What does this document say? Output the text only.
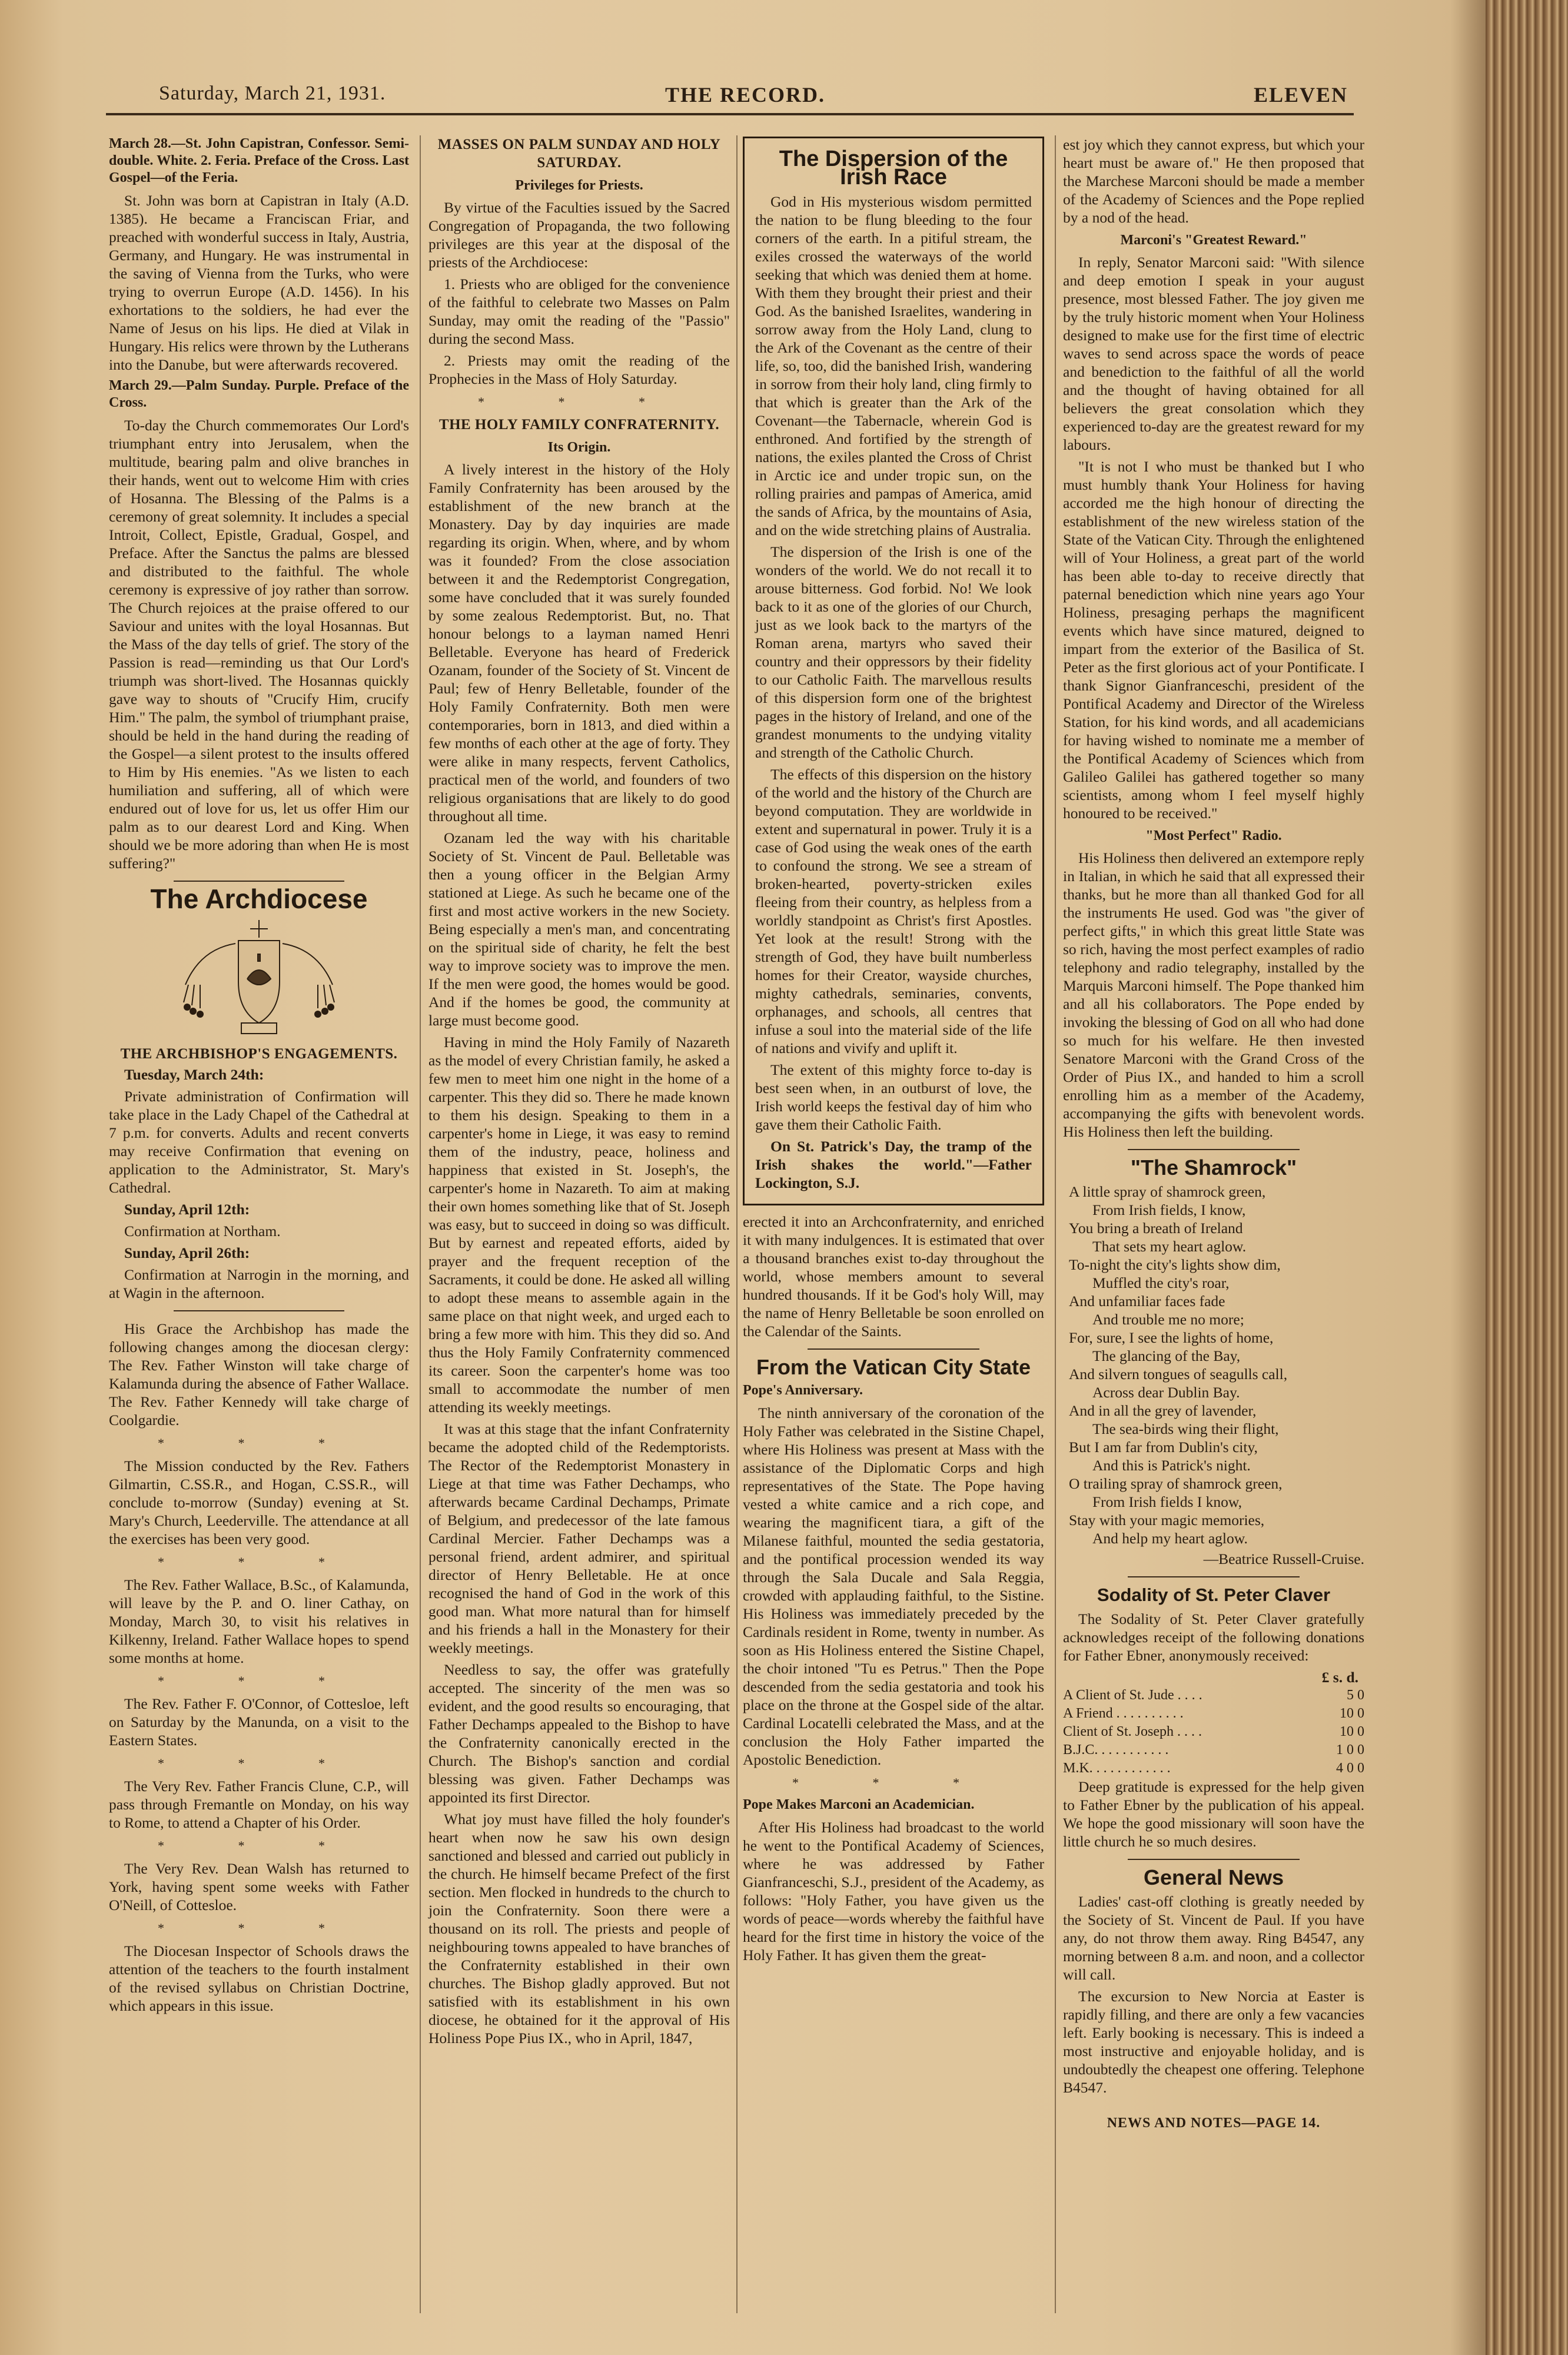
Saturday, March 21, 1931.	THE RECORD.	ELEVEN

March 28.—St. John Capistran, Confessor. Semi-double. White. 2. Feria. Preface of the Cross. Last Gospel—of the Feria.

St. John was born at Capistran in Italy (A.D. 1385). He became a Franciscan Friar, and preached with wonderful success in Italy, Austria, Germany, and Hungary. He was instrumental in the saving of Vienna from the Turks, who were trying to overrun Europe (A.D. 1456). In his exhortations to the soldiers, he had ever the Name of Jesus on his lips. He died at Vilak in Hungary. His relics were thrown by the Lutherans into the Danube, but were afterwards recovered.

March 29.—Palm Sunday. Purple. Preface of the Cross.

To-day the Church commemorates Our Lord's triumphant entry into Jerusalem, when the multitude, bearing palm and olive branches in their hands, went out to welcome Him with cries of Hosanna. The Blessing of the Palms is a ceremony of great solemnity. It includes a special Introit, Collect, Epistle, Gradual, Gospel, and Preface. After the Sanctus the palms are blessed and distributed to the faithful. The whole ceremony is expressive of joy rather than sorrow. The Church rejoices at the praise offered to our Saviour and unites with the loyal Hosannas. But the Mass of the day tells of grief. The story of the Passion is read—reminding us that Our Lord's triumph was short-lived. The Hosannas quickly gave way to shouts of "Crucify Him, crucify Him." The palm, the symbol of triumphant praise, should be held in the hand during the reading of the Gospel—a silent protest to the insults offered to Him by His enemies. "As we listen to each humiliation and suffering, all of which were endured out of love for us, let us offer Him our palm as to our dearest Lord and King. When should we be more adoring than when He is most suffering?"

The Archdiocese
THE ARCHBISHOP'S ENGAGEMENTS.

Tuesday, March 24th:

Private administration of Confirmation will take place in the Lady Chapel of the Cathedral at 7 p.m. for converts. Adults and recent converts may receive Confirmation that evening on application to the Administrator, St. Mary's Cathedral.

Sunday, April 12th:

Confirmation at Northam.

Sunday, April 26th:

Confirmation at Narrogin in the morning, and at Wagin in the afternoon.

His Grace the Archbishop has made the following changes among the diocesan clergy: The Rev. Father Winston will take charge of Kalamunda during the absence of Father Wallace. The Rev. Father Kennedy will take charge of Coolgardie.

* * *

The Mission conducted by the Rev. Fathers Gilmartin, C.SS.R., and Hogan, C.SS.R., will conclude to-morrow (Sunday) evening at St. Mary's Church, Leederville. The attendance at all the exercises has been very good.

* * *

The Rev. Father Wallace, B.Sc., of Kalamunda, will leave by the P. and O. liner Cathay, on Monday, March 30, to visit his relatives in Kilkenny, Ireland. Father Wallace hopes to spend some months at home.

* * *

The Rev. Father F. O'Connor, of Cottesloe, left on Saturday by the Manunda, on a visit to the Eastern States.

* * *

The Very Rev. Father Francis Clune, C.P., will pass through Fremantle on Monday, on his way to Rome, to attend a Chapter of his Order.

* * *

The Very Rev. Dean Walsh has returned to York, having spent some weeks with Father O'Neill, of Cottesloe.

* * *

The Diocesan Inspector of Schools draws the attention of the teachers to the fourth instalment of the revised syllabus on Christian Doctrine, which appears in this issue.

MASSES ON PALM SUNDAY AND HOLY SATURDAY.
Privileges for Priests.

By virtue of the Faculties issued by the Sacred Congregation of Propaganda, the two following privileges are this year at the disposal of the priests of the Archdiocese:

1. Priests who are obliged for the convenience of the faithful to celebrate two Masses on Palm Sunday, may omit the reading of the "Passio" during the second Mass.

2. Priests may omit the reading of the Prophecies in the Mass of Holy Saturday.

* * *
THE HOLY FAMILY CONFRATERNITY.
Its Origin.

A lively interest in the history of the Holy Family Confraternity has been aroused by the establishment of the new branch at the Monastery. Day by day inquiries are made regarding its origin. When, where, and by whom was it founded? From the close association between it and the Redemptorist Congregation, some have concluded that it was surely founded by some zealous Redemptorist. But, no. That honour belongs to a layman named Henri Belletable. Everyone has heard of Frederick Ozanam, founder of the Society of St. Vincent de Paul; few of Henry Belletable, founder of the Holy Family Confraternity. Both men were contemporaries, born in 1813, and died within a few months of each other at the age of forty. They were alike in many respects, fervent Catholics, practical men of the world, and founders of two religious organisations that are likely to do good throughout all time.

Ozanam led the way with his charitable Society of St. Vincent de Paul. Belletable was then a young officer in the Belgian Army stationed at Liege. As such he became one of the first and most active workers in the new Society. Being especially a men's man, and concentrating on the spiritual side of charity, he felt the best way to improve society was to improve the men. If the men were good, the homes would be good. And if the homes be good, the community at large must become good.

Having in mind the Holy Family of Nazareth as the model of every Christian family, he asked a few men to meet him one night in the home of a carpenter. This they did so. There he made known to them his design. Speaking to them in a carpenter's home in Liege, it was easy to remind them of the industry, peace, holiness and happiness that existed in St. Joseph's, the carpenter's home in Nazareth. To aim at making their own homes something like that of St. Joseph was easy, but to succeed in doing so was difficult. But by earnest and repeated efforts, aided by prayer and the frequent reception of the Sacraments, it could be done. He asked all willing to adopt these means to assemble again in the same place on that night week, and urged each to bring a few more with him. This they did so. And thus the Holy Family Confraternity commenced its career. Soon the carpenter's home was too small to accommodate the number of men attending its weekly meetings.

It was at this stage that the infant Confraternity became the adopted child of the Redemptorists. The Rector of the Redemptorist Monastery in Liege at that time was Father Dechamps, who afterwards became Cardinal Dechamps, Primate of Belgium, and predecessor of the late famous Cardinal Mercier. Father Dechamps was a personal friend, ardent admirer, and spiritual director of Henry Belletable. He at once recognised the hand of God in the work of this good man. What more natural than for himself and his friends a hall in the Monastery for their weekly meetings.

Needless to say, the offer was gratefully accepted. The sincerity of the men was so evident, and the good results so encouraging, that Father Dechamps appealed to the Bishop to have the Confraternity canonically erected in the Church. The Bishop's sanction and cordial blessing was given. Father Dechamps was appointed its first Director.

What joy must have filled the holy founder's heart when now he saw his own design sanctioned and blessed and carried out publicly in the church. He himself became Prefect of the first section. Men flocked in hundreds to the church to join the Confraternity. Soon there were a thousand on its roll. The priests and people of neighbouring towns appealed to have branches of the Confraternity established in their own churches. The Bishop gladly approved. But not satisfied with its establishment in his own diocese, he obtained for it the approval of His Holiness Pope Pius IX., who in April, 1847,

The Dispersion of the Irish Race

God in His mysterious wisdom permitted the nation to be flung bleeding to the four corners of the earth. In a pitiful stream, the exiles crossed the waterways of the world seeking that which was denied them at home. With them they brought their priest and their God. As the banished Israelites, wandering in sorrow away from the Holy Land, clung to the Ark of the Covenant as the centre of their life, so, too, did the banished Irish, wandering in sorrow from their holy land, cling firmly to that which is greater than the Ark of the Covenant—the Tabernacle, wherein God is enthroned. And fortified by the strength of nations, the exiles planted the Cross of Christ in Arctic ice and under tropic sun, on the rolling prairies and pampas of America, amid the sands of Africa, by the mountains of Asia, and on the wide stretching plains of Australia.

The dispersion of the Irish is one of the wonders of the world. We do not recall it to arouse bitterness. God forbid. No! We look back to it as one of the glories of our Church, just as we look back to the martyrs of the Roman arena, martyrs who saved their country and their oppressors by their fidelity to our Catholic Faith. The marvellous results of this dispersion form one of the brightest pages in the history of Ireland, and one of the grandest monuments to the undying vitality and strength of the Catholic Church.

The effects of this dispersion on the history of the world and the history of the Church are beyond computation. They are worldwide in extent and supernatural in power. Truly it is a case of God using the weak ones of the earth to confound the strong. We see a stream of broken-hearted, poverty-stricken exiles fleeing from their country, as helpless from a worldly standpoint as Christ's first Apostles. Yet look at the result! Strong with the strength of God, they have built numberless homes for their Creator, wayside churches, mighty cathedrals, seminaries, convents, orphanages, and schools, all centres that infuse a soul into the material side of the life of nations and vivify and uplift it.

The extent of this mighty force to-day is best seen when, in an outburst of love, the Irish world keeps the festival day of him who gave them their Catholic Faith.

On St. Patrick's Day, the tramp of the Irish shakes the world."—Father Lockington, S.J.

erected it into an Archconfraternity, and enriched it with many indulgences. It is estimated that over a thousand branches exist to-day throughout the world, whose members amount to several hundred thousands. If it be God's holy Will, may the name of Henry Belletable be soon enrolled on the Calendar of the Saints.

From the Vatican City State

Pope's Anniversary.

The ninth anniversary of the coronation of the Holy Father was celebrated in the Sistine Chapel, where His Holiness was present at Mass with the assistance of the Diplomatic Corps and high representatives of the State. The Pope having vested a white camice and a rich cope, and wearing the magnificent tiara, a gift of the Milanese faithful, mounted the sedia gestatoria, and the pontifical procession wended its way through the Sala Ducale and Sala Reggia, crowded with applauding faithful, to the Sistine. His Holiness was immediately preceded by the Cardinals resident in Rome, twenty in number. As soon as His Holiness entered the Sistine Chapel, the choir intoned "Tu es Petrus." Then the Pope descended from the sedia gestatoria and took his place on the throne at the Gospel side of the altar. Cardinal Locatelli celebrated the Mass, and at the conclusion the Holy Father imparted the Apostolic Benediction.

* * *

Pope Makes Marconi an Academician.

After His Holiness had broadcast to the world he went to the Pontifical Academy of Sciences, where he was addressed by Father Gianfranceschi, S.J., president of the Academy, as follows: "Holy Father, you have given us the words of peace—words whereby the faithful have heard for the first time in history the voice of the Holy Father. It has given them the great-

est joy which they cannot express, but which your heart must be aware of." He then proposed that the Marchese Marconi should be made a member of the Academy of Sciences and the Pope replied by a nod of the head.

Marconi's "Greatest Reward."

In reply, Senator Marconi said: "With silence and deep emotion I speak in your august presence, most blessed Father. The joy given me by the truly historic moment when Your Holiness designed to make use for the first time of electric waves to send across space the words of peace and benediction to the faithful of all the world and the thought of having obtained for all believers the great consolation which they experienced to-day are the greatest reward for my labours.

"It is not I who must be thanked but I who must humbly thank Your Holiness for having accorded me the high honour of directing the establishment of the new wireless station of the State of the Vatican City. Through the enlightened will of Your Holiness, a great part of the world has been able to-day to receive directly that paternal benediction which nine years ago Your Holiness, presaging perhaps the magnificent events which have since matured, deigned to impart from the exterior of the Basilica of St. Peter as the first glorious act of your Pontificate. I thank Signor Gianfranceschi, president of the Pontifical Academy and Director of the Wireless Station, for his kind words, and all academicians for having wished to nominate me a member of the Pontifical Academy of Sciences which from Galileo Galilei has gathered together so many scientists, among whom I feel myself highly honoured to be received."

"Most Perfect" Radio.

His Holiness then delivered an extempore reply in Italian, in which he said that all expressed their thanks, but he more than all thanked God for all the instruments He used. God was "the giver of perfect gifts," in which this great little State was so rich, having the most perfect examples of radio telephony and radio telegraphy, installed by the Marquis Marconi himself. The Pope thanked him and all his collaborators. The Pope ended by invoking the blessing of God on all who had done so much for his welfare. He then invested Senatore Marconi with the Grand Cross of the Order of Pius IX., and handed to him a scroll enrolling him as a member of the Academy, accompanying the gifts with benevolent words. His Holiness then left the building.

"The Shamrock"
A little spray of shamrock green,
From Irish fields, I know,
You bring a breath of Ireland
That sets my heart aglow.
To-night the city's lights show dim,
Muffled the city's roar,
And unfamiliar faces fade
And trouble me no more;
For, sure, I see the lights of home,
The glancing of the Bay,
And silvern tongues of seagulls call,
Across dear Dublin Bay.
And in all the grey of lavender,
The sea-birds wing their flight,
But I am far from Dublin's city,
And this is Patrick's night.
O trailing spray of shamrock green,
From Irish fields I know,
Stay with your magic memories,
And help my heart aglow.
—Beatrice Russell-Cruise.
Sodality of St. Peter Claver

The Sodality of St. Peter Claver gratefully acknowledges receipt of the following donations for Father Ebner, anonymously received:

£ s. d.
A Client of St. Jude . . . .	5 0
A Friend . . . . . . . . . .	10 0
Client of St. Joseph . . . .	10 0
B.J.C. . . . . . . . . . .	1 0 0
M.K. . . . . . . . . . . .	4 0 0

Deep gratitude is expressed for the help given to Father Ebner by the publication of his appeal. We hope the good missionary will soon have the little church he so much desires.

General News

Ladies' cast-off clothing is greatly needed by the Society of St. Vincent de Paul. If you have any, do not throw them away. Ring B4547, any morning between 8 a.m. and noon, and a collector will call.

The excursion to New Norcia at Easter is rapidly filling, and there are only a few vacancies left. Early booking is necessary. This is indeed a most instructive and enjoyable holiday, and is undoubtedly the cheapest one offering. Telephone B4547.

NEWS AND NOTES—PAGE 14.
